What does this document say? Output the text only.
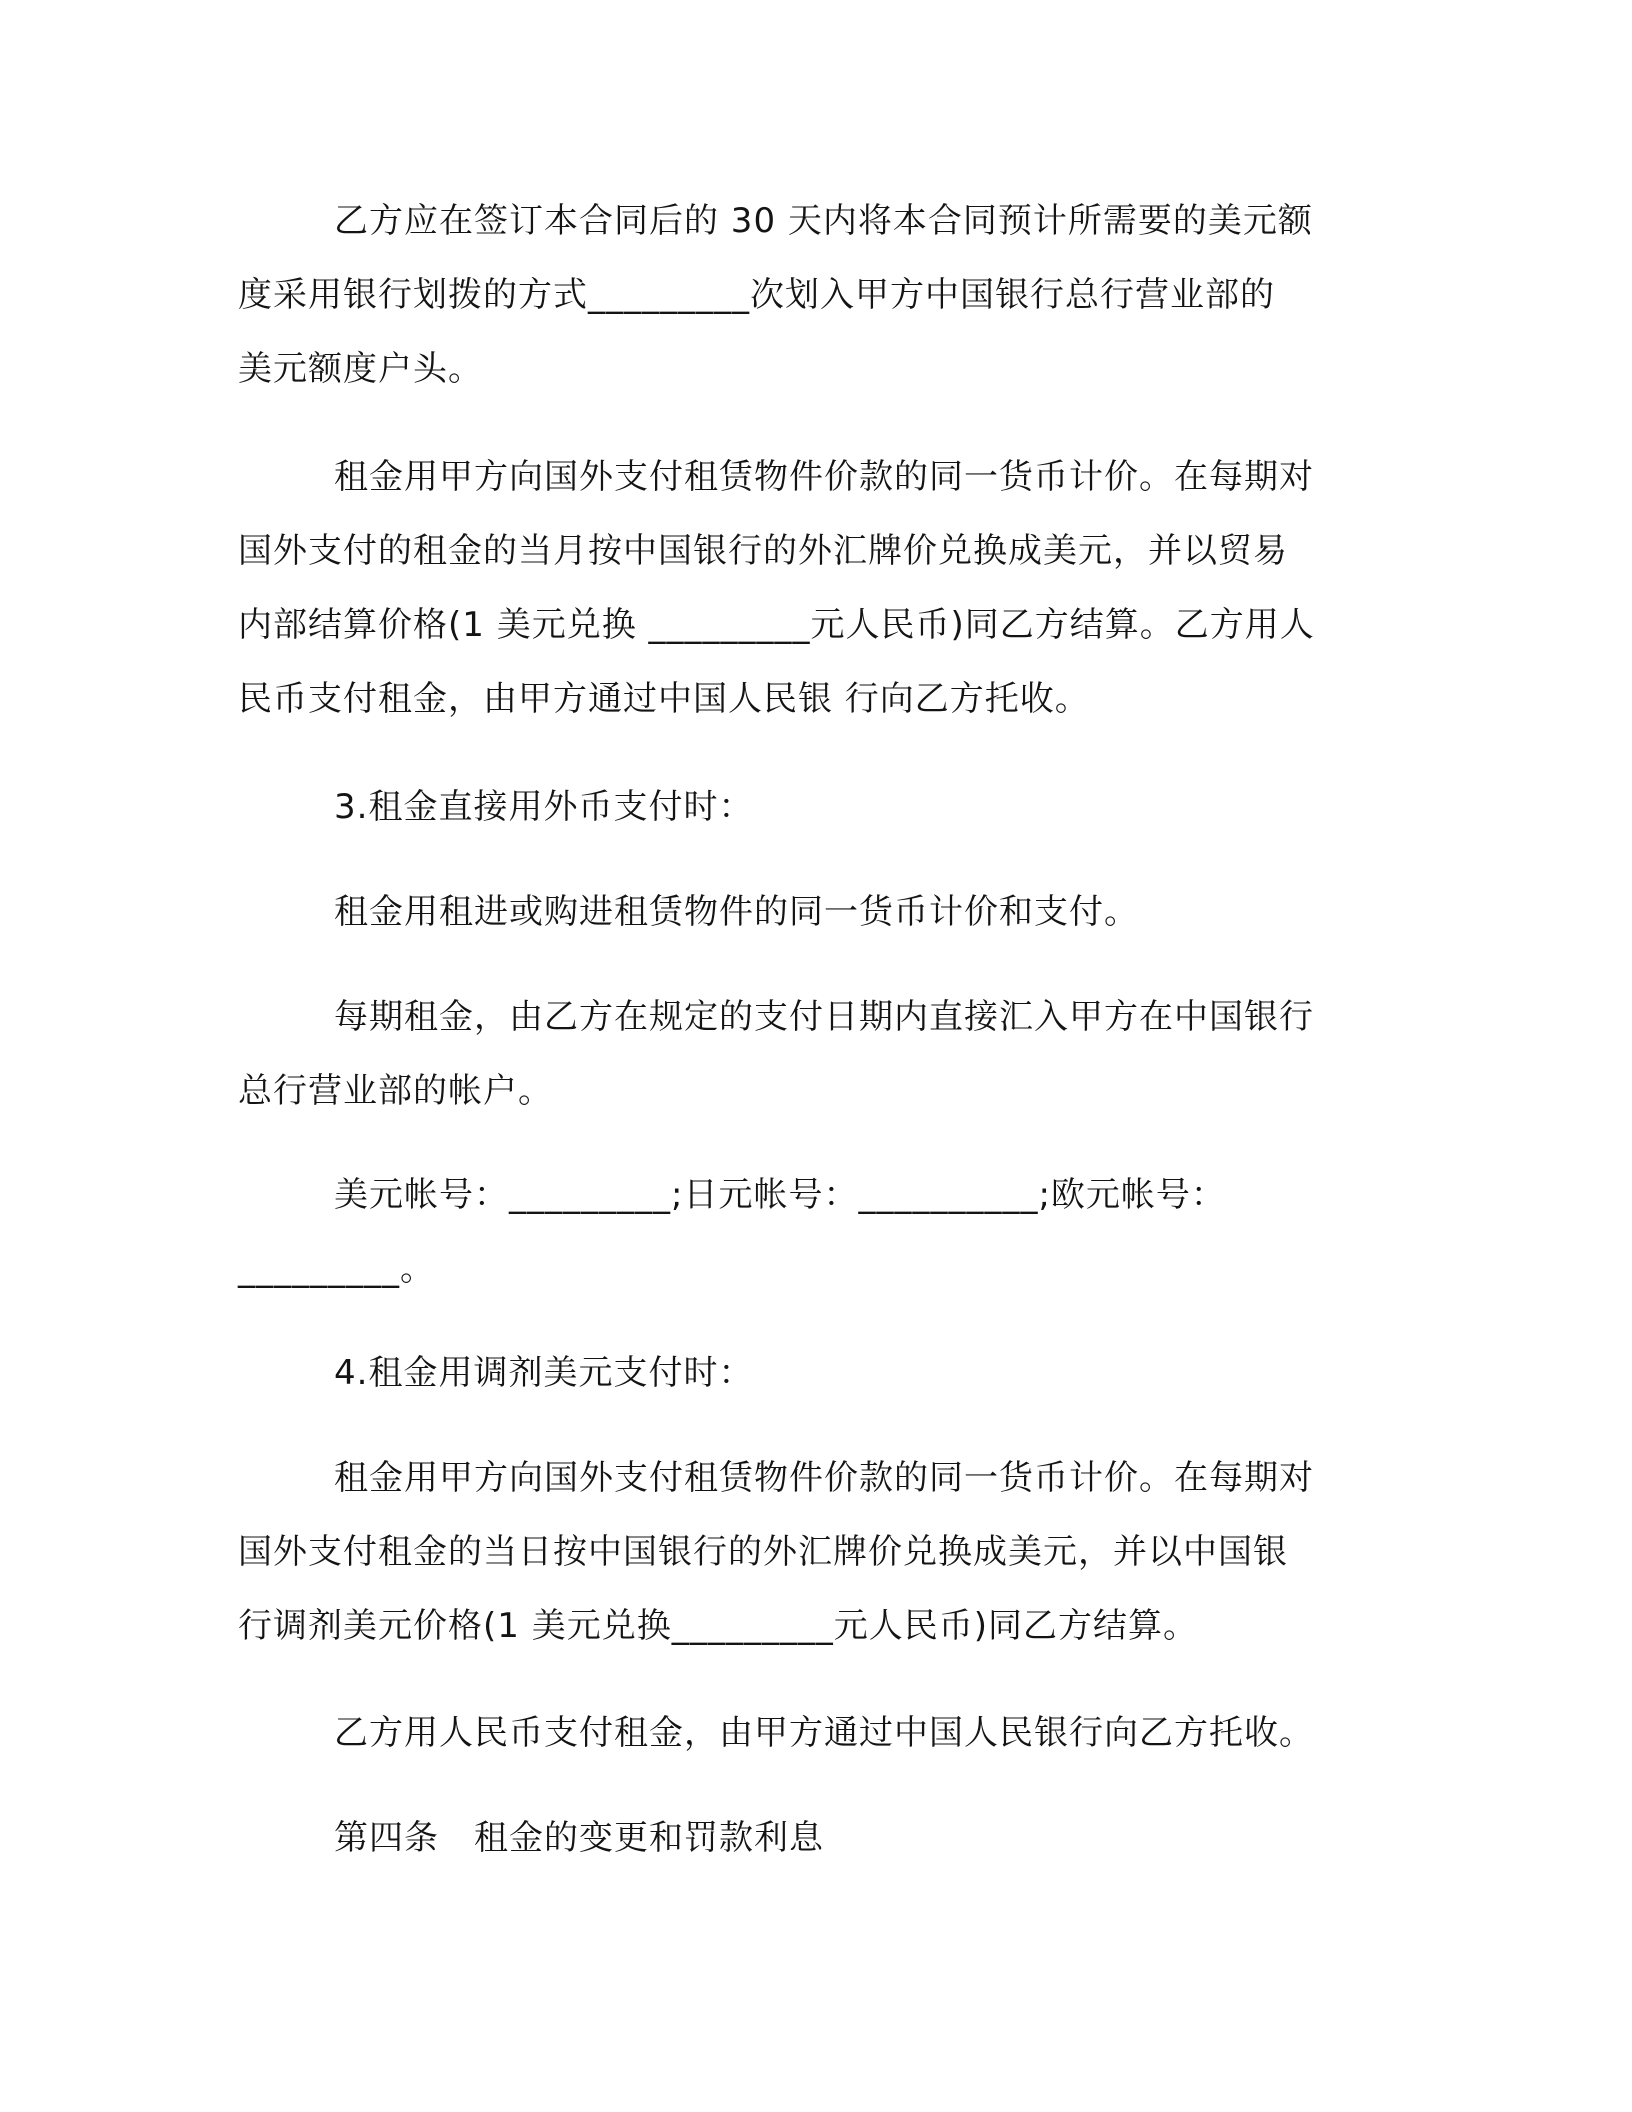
乙方应在签订本合同后的 30 天内将本合同预计所需要的美元额
度采用银行划拨的方式_________次划入甲方中国银行总行营业部的
美元额度户头。
租金用甲方向国外支付租赁物件价款的同一货币计价。在每期对
国外支付的租金的当月按中国银行的外汇牌价兑换成美元，并以贸易
内部结算价格(1 美元兑换 _________元人民币)同乙方结算。乙方用人
民币支付租金，由甲方通过中国人民银 行向乙方托收。
3.租金直接用外币支付时：
租金用租进或购进租赁物件的同一货币计价和支付。
每期租金，由乙方在规定的支付日期内直接汇入甲方在中国银行
总行营业部的帐户。
美元帐号：_________;日元帐号：__________;欧元帐号：
_________。
4.租金用调剂美元支付时：
租金用甲方向国外支付租赁物件价款的同一货币计价。在每期对
国外支付租金的当日按中国银行的外汇牌价兑换成美元，并以中国银
行调剂美元价格(1 美元兑换_________元人民币)同乙方结算。
乙方用人民币支付租金，由甲方通过中国人民银行向乙方托收。
第四条　租金的变更和罚款利息
